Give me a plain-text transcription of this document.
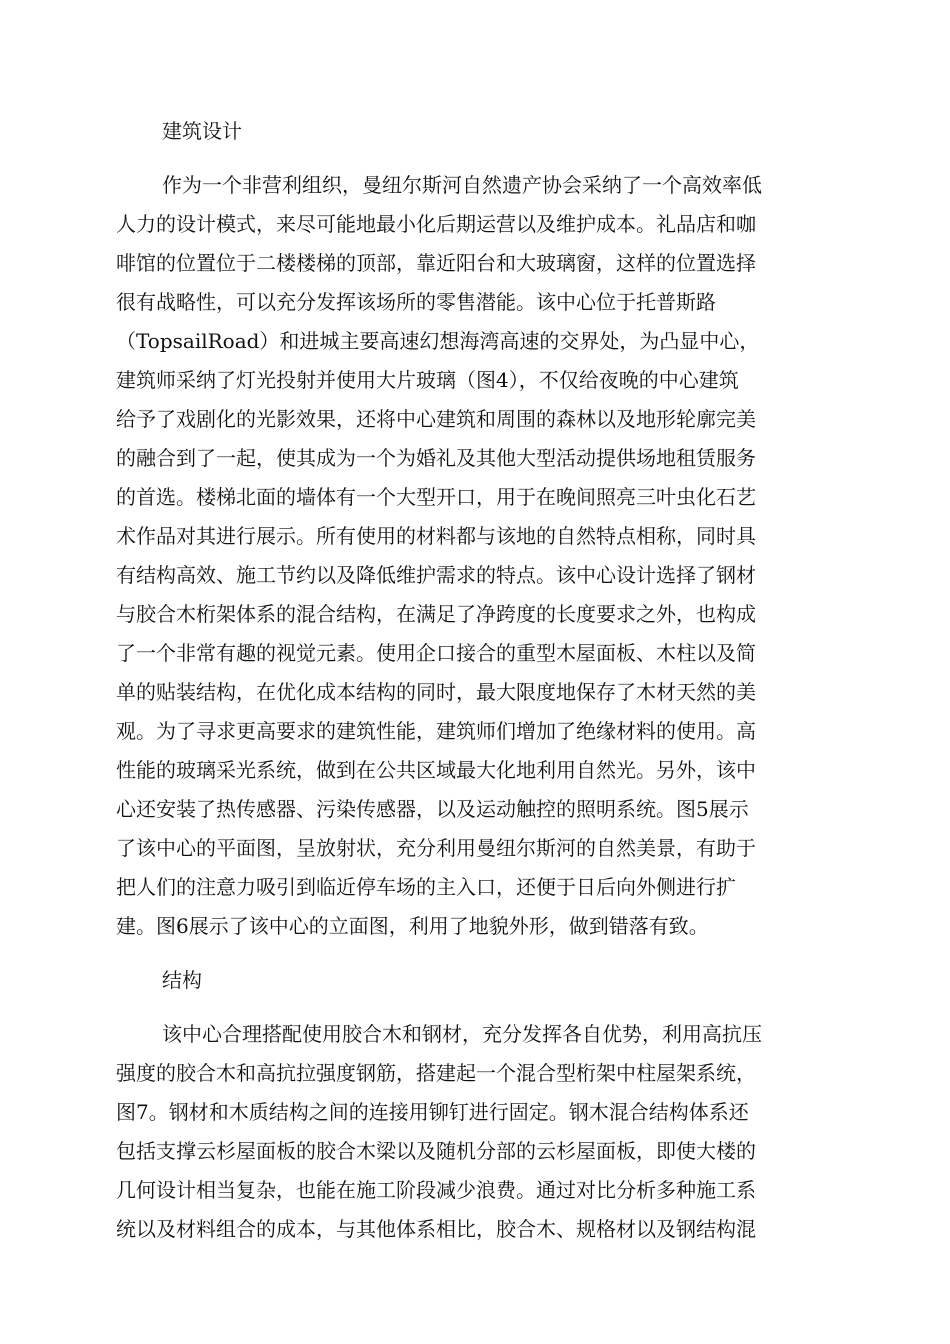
建筑设计
作为一个非营利组织，曼纽尔斯河自然遗产协会采纳了一个高效率低
人力的设计模式，来尽可能地最小化后期运营以及维护成本。礼品店和咖
啡馆的位置位于二楼楼梯的顶部，靠近阳台和大玻璃窗，这样的位置选择
很有战略性，可以充分发挥该场所的零售潜能。该中心位于托普斯路
（TopsailRoad）和进城主要高速幻想海湾高速的交界处，为凸显中心，
建筑师采纳了灯光投射并使用大片玻璃（图4），不仅给夜晚的中心建筑
给予了戏剧化的光影效果，还将中心建筑和周围的森林以及地形轮廓完美
的融合到了一起，使其成为一个为婚礼及其他大型活动提供场地租赁服务
的首选。楼梯北面的墙体有一个大型开口，用于在晚间照亮三叶虫化石艺
术作品对其进行展示。所有使用的材料都与该地的自然特点相称，同时具
有结构高效、施工节约以及降低维护需求的特点。该中心设计选择了钢材
与胶合木桁架体系的混合结构，在满足了净跨度的长度要求之外，也构成
了一个非常有趣的视觉元素。使用企口接合的重型木屋面板、木柱以及简
单的贴装结构，在优化成本结构的同时，最大限度地保存了木材天然的美
观。为了寻求更高要求的建筑性能，建筑师们增加了绝缘材料的使用。高
性能的玻璃采光系统，做到在公共区域最大化地利用自然光。另外，该中
心还安装了热传感器、污染传感器，以及运动触控的照明系统。图5展示
了该中心的平面图，呈放射状，充分利用曼纽尔斯河的自然美景，有助于
把人们的注意力吸引到临近停车场的主入口，还便于日后向外侧进行扩
建。图6展示了该中心的立面图，利用了地貌外形，做到错落有致。
结构
该中心合理搭配使用胶合木和钢材，充分发挥各自优势，利用高抗压
强度的胶合木和高抗拉强度钢筋，搭建起一个混合型桁架中柱屋架系统，
图7。钢材和木质结构之间的连接用铆钉进行固定。钢木混合结构体系还
包括支撑云杉屋面板的胶合木梁以及随机分部的云杉屋面板，即使大楼的
几何设计相当复杂，也能在施工阶段减少浪费。通过对比分析多种施工系
统以及材料组合的成本，与其他体系相比，胶合木、规格材以及钢结构混
